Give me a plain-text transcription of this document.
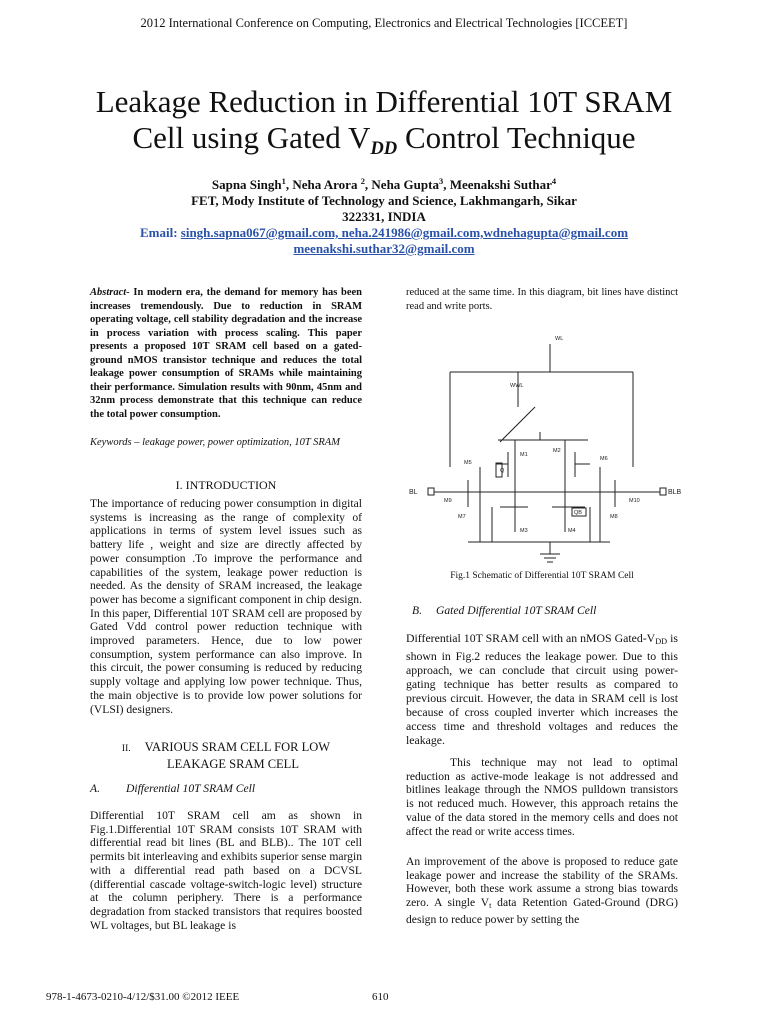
2012 International Conference on Computing, Electronics and Electrical Technologies [ICCEET]
Leakage Reduction in Differential 10T SRAM
Cell using Gated $V_{DD}$ Control Technique
Sapna Singh$^1$, Neha Arora $^2$, Neha Gupta$^3$, Meenakshi Suthar$^4$
FET, Mody Institute of Technology and Science, Lakhmangarh, Sikar
322331, INDIA
Email: singh.sapna067@gmail.com, neha.241986@gmail.com,wdnehagupta@gmail.com
meenakshi.suthar32@gmail.com
Abstract- In modern era, the demand for memory has been increases tremendously. Due to reduction in SRAM operating voltage, cell stability degradation and the increase in process variation with process scaling. This paper presents a proposed 10T SRAM cell based on a gated-ground nMOS transistor technique and reduces the total leakage power consumption of SRAMs while maintaining their performance. Simulation results with 90nm, 45nm and 32nm process demonstrate that this technique can reduce the total power consumption.
Keywords – leakage power, power optimization, 10T SRAM
I. INTRODUCTION
The importance of reducing power consumption in digital systems is increasing as the range of complexity of applications in terms of system level issues such as battery life , weight and size are directly affected by power consumption .To improve the performance and capabilities of the system, leakage power reduction is needed. As the density of SRAM increased, the leakage power has become a significant component in chip design. In this paper, Differential 10T SRAM cell are proposed by Gated Vdd control power reduction technique with improved parameters. Hence, due to low power consumption, system performance can also improve. In this circuit, the power consuming is reduced by reducing supply voltage and applying low power technique. Thus, the main objective is to provide low power solutions for (VLSI) designers.
II. VARIOUS SRAM CELL FOR LOW
LEAKAGE SRAM CELL
A. Differential 10T SRAM Cell
Differential 10T SRAM cell am as shown in Fig.1.Differential 10T SRAM consists 10T SRAM with differential read bit lines (BL and BLB).. The 10T cell permits bit interleaving and exhibits superior sense margin with a differential read path based on a DCVSL (differential cascade voltage-switch-logic level) structure at the column periphery. There is a performance degradation from stacked transistors that requires boosted WL voltages, but BL leakage is
reduced at the same time. In this diagram, bit lines have distinct read and write ports.
BL	BLB
M1
M2
M3	M4
M5
M6
M7	M8
M9	M10
WL
WWL
Q
QB
Fig.1 Schematic of Differential 10T SRAM Cell
B. Gated Differential 10T SRAM Cell
Differential 10T SRAM cell with an nMOS Gated-$V_{DD}$ is shown in Fig.2 reduces the leakage power. Due to this approach, we can conclude that circuit using power-gating technique has better results as compared to previous circuit. However, the data in SRAM cell is lost because of cross coupled inverter which increases the access time and threshold voltages and reduces the leakage.
This technique may not lead to optimal reduction as active-mode leakage is not addressed and bitlines leakage through the NMOS pulldown transistors is not reduced much. However, this approach retains the value of the data stored in the memory cells and does not affect the read or write access times.
An improvement of the above is proposed to reduce gate leakage power and increase the stability of the SRAMs. However, both these work assume a strong bias towards zero. A single $V_t$ data Retention Gated-Ground (DRG) design to reduce power by setting the
978-1-4673-0210-4/12/$31.00 ©2012 IEEE	610
